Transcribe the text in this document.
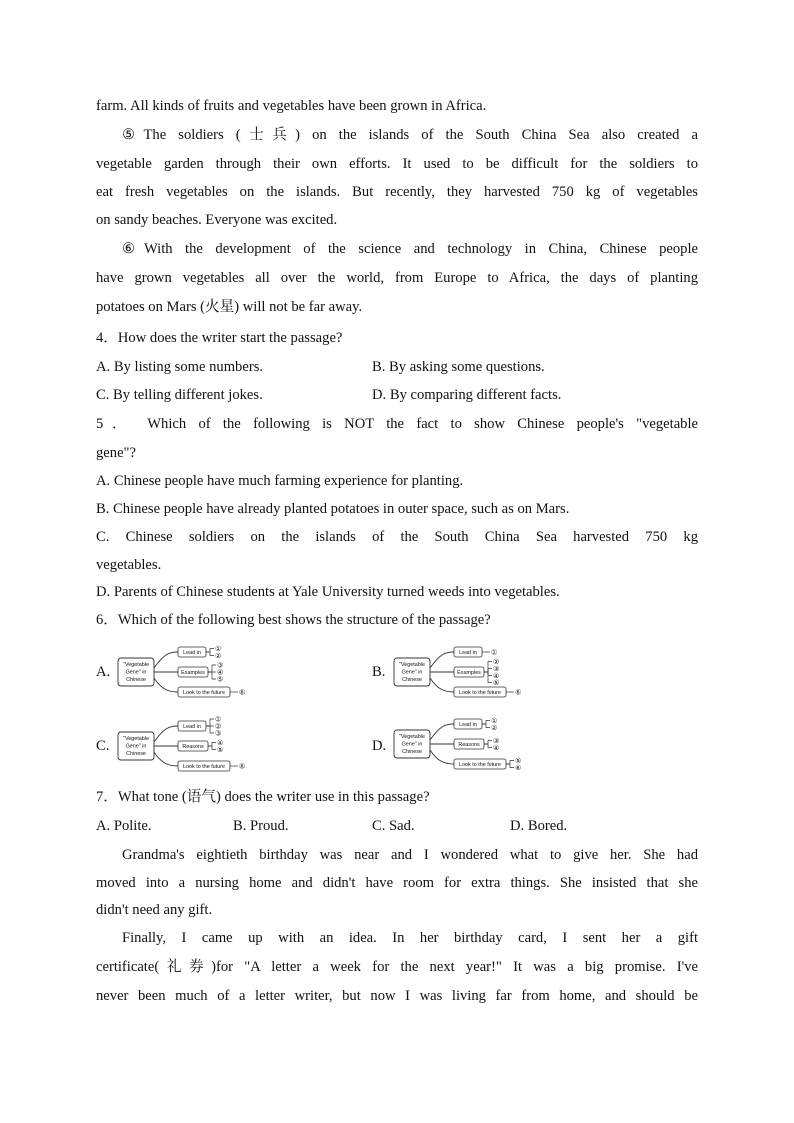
farm. All kinds of fruits and vegetables have been grown in Africa.
⑤The soldiers (士兵) on the islands of the South China Sea also created a
vegetable garden through their own efforts. It used to be difficult for the soldiers to
eat fresh vegetables on the islands. But recently, they harvested 750 kg of vegetables
on sandy beaches. Everyone was excited.
⑥With the development of the science and technology in China, Chinese people
have grown vegetables all over the world, from Europe to Africa, the days of planting
potatoes on Mars (火星) will not be far away.
4．How does the writer start the passage?
A. By listing some numbers.	B. By asking some questions.
C. By telling different jokes.	D. By comparing different facts.
5． Which of the following is NOT the fact to show Chinese people's "vegetable
gene"?
A. Chinese people have much farming experience for planting.
B. Chinese people have already planted potatoes in outer space, such as on Mars.
C. Chinese soldiers on the islands of the South China Sea harvested 750 kg
vegetables.
D. Parents of Chinese students at Yale University turned weeds into vegetables.
6．Which of the following best shows the structure of the passage?
A. "Vegetable
Gene" in
Chinese
Lead in ①
②
Examples
③
④
⑤
Look to the future ⑥
B.	"Vegetable
Gene" in
Chinese
Lead in ①
Examples
②
③
④
⑤
Look to the future ⑥
C.	"Vegetable
Gene" in
Chinese
Lead in
①
②
③
Reasons ④
⑤
Look to the future ⑥
D.
"Vegetable
Gene" in
Chinese
Lead in ①
②
Reasons ③
④
Look to the future ⑤
⑥
7．What tone (语气) does the writer use in this passage?
A. Polite.	B. Proud.	C. Sad.	D. Bored.
Grandma's eightieth birthday was near and I wondered what to give her. She had
moved into a nursing home and didn't have room for extra things. She insisted that she
didn't need any gift.
Finally, I came up with an idea. In her birthday card, I sent her a gift
certificate(礼券)for "A letter a week for the next year!" It was a big promise. I've
never been much of a letter writer, but now I was living far from home, and should be
